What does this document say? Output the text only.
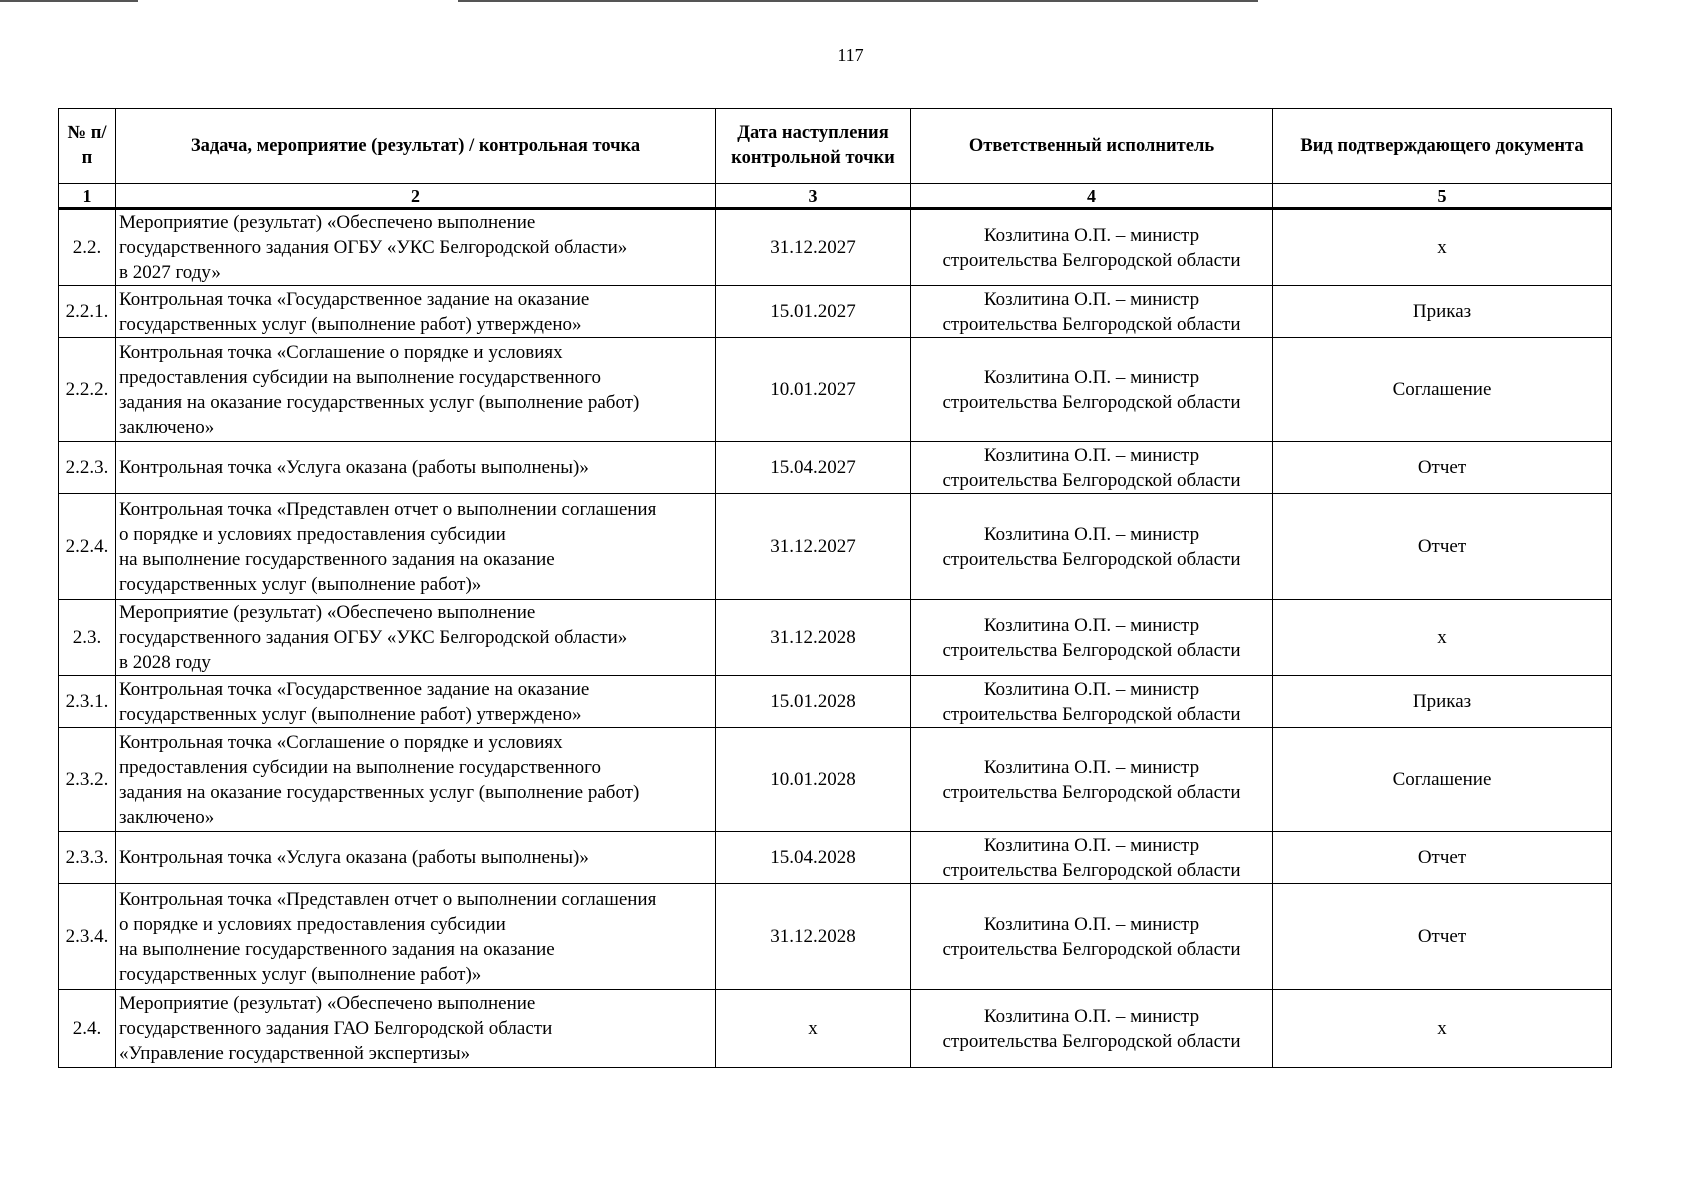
117
№ п/п	Задача, мероприятие (результат) / контрольная точка	Дата наступления контрольной точки	Ответственный исполнитель	Вид подтверждающего документа
1	2	3	4	5
2.2.	Мероприятие (результат) «Обеспечено выполнение
государственного задания ОГБУ «УКС Белгородской области»
в 2027 году»	31.12.2027	Козлитина О.П. – министр
строительства Белгородской области	х
2.2.1.	Контрольная точка «Государственное задание на оказание
государственных услуг (выполнение работ) утверждено»	15.01.2027	Козлитина О.П. – министр
строительства Белгородской области	Приказ
2.2.2.	Контрольная точка «Соглашение о порядке и условиях
предоставления субсидии на выполнение государственного
задания на оказание государственных услуг (выполнение работ)
заключено»	10.01.2027	Козлитина О.П. – министр
строительства Белгородской области	Соглашение
2.2.3.	Контрольная точка «Услуга оказана (работы выполнены)»	15.04.2027	Козлитина О.П. – министр
строительства Белгородской области	Отчет
2.2.4.	Контрольная точка «Представлен отчет о выполнении соглашения
о порядке и условиях предоставления субсидии
на выполнение государственного задания на оказание
государственных услуг (выполнение работ)»	31.12.2027	Козлитина О.П. – министр
строительства Белгородской области	Отчет
2.3.	Мероприятие (результат) «Обеспечено выполнение
государственного задания ОГБУ «УКС Белгородской области»
в 2028 году	31.12.2028	Козлитина О.П. – министр
строительства Белгородской области	х
2.3.1.	Контрольная точка «Государственное задание на оказание
государственных услуг (выполнение работ) утверждено»	15.01.2028	Козлитина О.П. – министр
строительства Белгородской области	Приказ
2.3.2.	Контрольная точка «Соглашение о порядке и условиях
предоставления субсидии на выполнение государственного
задания на оказание государственных услуг (выполнение работ)
заключено»	10.01.2028	Козлитина О.П. – министр
строительства Белгородской области	Соглашение
2.3.3.	Контрольная точка «Услуга оказана (работы выполнены)»	15.04.2028	Козлитина О.П. – министр
строительства Белгородской области	Отчет
2.3.4.	Контрольная точка «Представлен отчет о выполнении соглашения
о порядке и условиях предоставления субсидии
на выполнение государственного задания на оказание
государственных услуг (выполнение работ)»	31.12.2028	Козлитина О.П. – министр
строительства Белгородской области	Отчет
2.4.	Мероприятие (результат) «Обеспечено выполнение
государственного задания ГАО Белгородской области
«Управление государственной экспертизы»	х	Козлитина О.П. – министр
строительства Белгородской области	х
